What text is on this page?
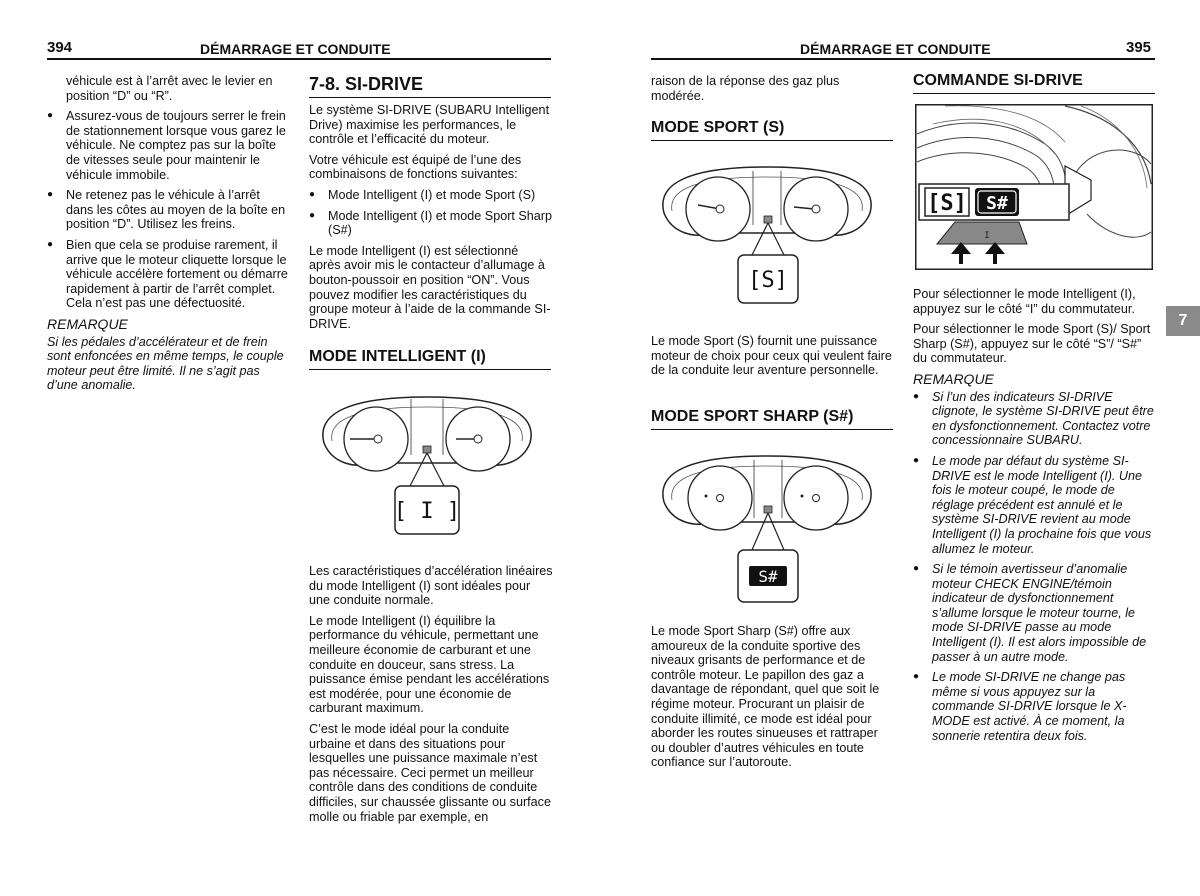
394	DÉMARRAGE ET CONDUITE

véhicule est à l’arrêt avec le levier en position “D” ou “R”.

● Assurez-vous de toujours serrer le frein de stationnement lorsque vous garez le véhicule. Ne comptez pas sur la boîte de vitesses seule pour maintenir le véhicule immobile.
● Ne retenez pas le véhicule à l’arrêt dans les côtes au moyen de la boîte en position “D”. Utilisez les freins.
● Bien que cela se produise rarement, il arrive que le moteur cliquette lorsque le véhicule accélère fortement ou démarre rapidement à partir de l’arrêt complet. Cela n’est pas une défectuosité.
REMARQUE
Si les pédales d’accélérateur et de frein sont enfoncées en même temps, le couple moteur peut être limité. Il ne s’agit pas d’une anomalie.
7-8. SI-DRIVE

Le système SI-DRIVE (SUBARU Intelligent Drive) maximise les performances, le contrôle et l’efficacité du moteur.

Votre véhicule est équipé de l’une des combinaisons de fonctions suivantes:

● Mode Intelligent (I) et mode Sport (S)
● Mode Intelligent (I) et mode Sport Sharp (S#)

Le mode Intelligent (I) est sélectionné après avoir mis le contacteur d’allumage à bouton-poussoir en position “ON”. Vous pouvez modifier les caractéristiques du groupe moteur à l’aide de la commande SI-DRIVE.

MODE INTELLIGENT (I)
[ I ]

Les caractéristiques d’accélération linéaires du mode Intelligent (I) sont idéales pour une conduite normale.

Le mode Intelligent (I) équilibre la performance du véhicule, permettant une meilleure économie de carburant et une conduite en douceur, sans stress. La puissance émise pendant les accélérations est modérée, pour une économie de carburant maximum.

C’est le mode idéal pour la conduite urbaine et dans des situations pour lesquelles une puissance maximale n’est pas nécessaire. Ceci permet un meilleur contrôle dans des conditions de conduite difficiles, sur chaussée glissante ou surface molle ou friable par exemple, en

DÉMARRAGE ET CONDUITE	395

raison de la réponse des gaz plus modérée.

MODE SPORT (S)
[S]

Le mode Sport (S) fournit une puissance moteur de choix pour ceux qui veulent faire de la conduite leur aventure personnelle.

MODE SPORT SHARP (S#)
S#

Le mode Sport Sharp (S#) offre aux amoureux de la conduite sportive des niveaux grisants de performance et de contrôle moteur. Le papillon des gaz a davantage de répondant, quel que soit le régime moteur. Procurant un plaisir de conduite illimité, ce mode est idéal pour aborder les routes sinueuses et rattraper ou doubler d’autres véhicules en toute confiance sur l’autoroute.

COMMANDE SI-DRIVE
[S] S#
I

Pour sélectionner le mode Intelligent (I), appuyez sur le côté “I” du commutateur.

Pour sélectionner le mode Sport (S)/ Sport Sharp (S#), appuyez sur le côté “S”/ “S#” du commutateur.

REMARQUE
● Si l’un des indicateurs SI-DRIVE clignote, le système SI-DRIVE peut être en dysfonctionnement. Contactez votre concessionnaire SUBARU.
● Le mode par défaut du système SI-DRIVE est le mode Intelligent (I). Une fois le moteur coupé, le mode de réglage précédent est annulé et le système SI-DRIVE revient au mode Intelligent (I) la prochaine fois que vous allumez le moteur.
● Si le témoin avertisseur d’anomalie moteur CHECK ENGINE/témoin indicateur de dysfonctionnement s’allume lorsque le moteur tourne, le mode SI-DRIVE passe au mode Intelligent (I). Il est alors impossible de passer à un autre mode.
● Le mode SI-DRIVE ne change pas même si vous appuyez sur la commande SI-DRIVE lorsque le X-MODE est activé. À ce moment, la sonnerie retentira deux fois.
7
